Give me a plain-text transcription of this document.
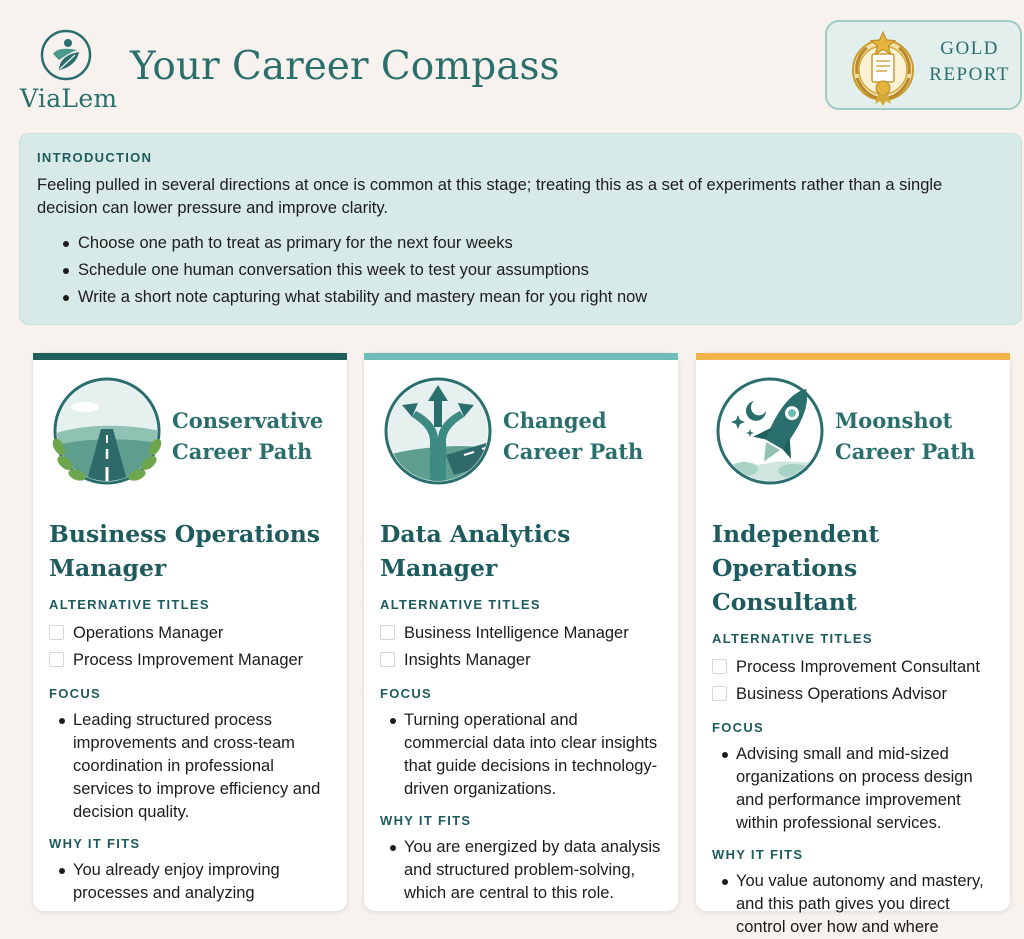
ViaLem
Your Career Compass	GOLD
REPORT
INTRODUCTION

Feeling pulled in several directions at once is common at this stage; treating this as a set of experiments rather than a single decision can lower pressure and improve clarity.

Choose one path to treat as primary for the next four weeks
Schedule one human conversation this week to test your assumptions
Write a short note capturing what stability and mastery mean for you right now
Conservative
Career Path
Business Operations Manager
ALTERNATIVE TITLES
Operations Manager
Process Improvement Manager
FOCUS
Leading structured process improvements and cross-team coordination in professional services to improve efficiency and decision quality.
WHY IT FITS
You already enjoy improving processes and analyzing
Changed
Career Path
Data Analytics Manager
ALTERNATIVE TITLES
Business Intelligence Manager
Insights Manager
FOCUS
Turning operational and commercial data into clear insights that guide decisions in technology-driven organizations.
WHY IT FITS
You are energized by data analysis and structured problem-solving, which are central to this role.
Moonshot
Career Path
Independent Operations Consultant
ALTERNATIVE TITLES
Process Improvement Consultant
Business Operations Advisor
FOCUS
Advising small and mid-sized organizations on process design and performance improvement within professional services.
WHY IT FITS
You value autonomy and mastery, and this path gives you direct control over how and where
